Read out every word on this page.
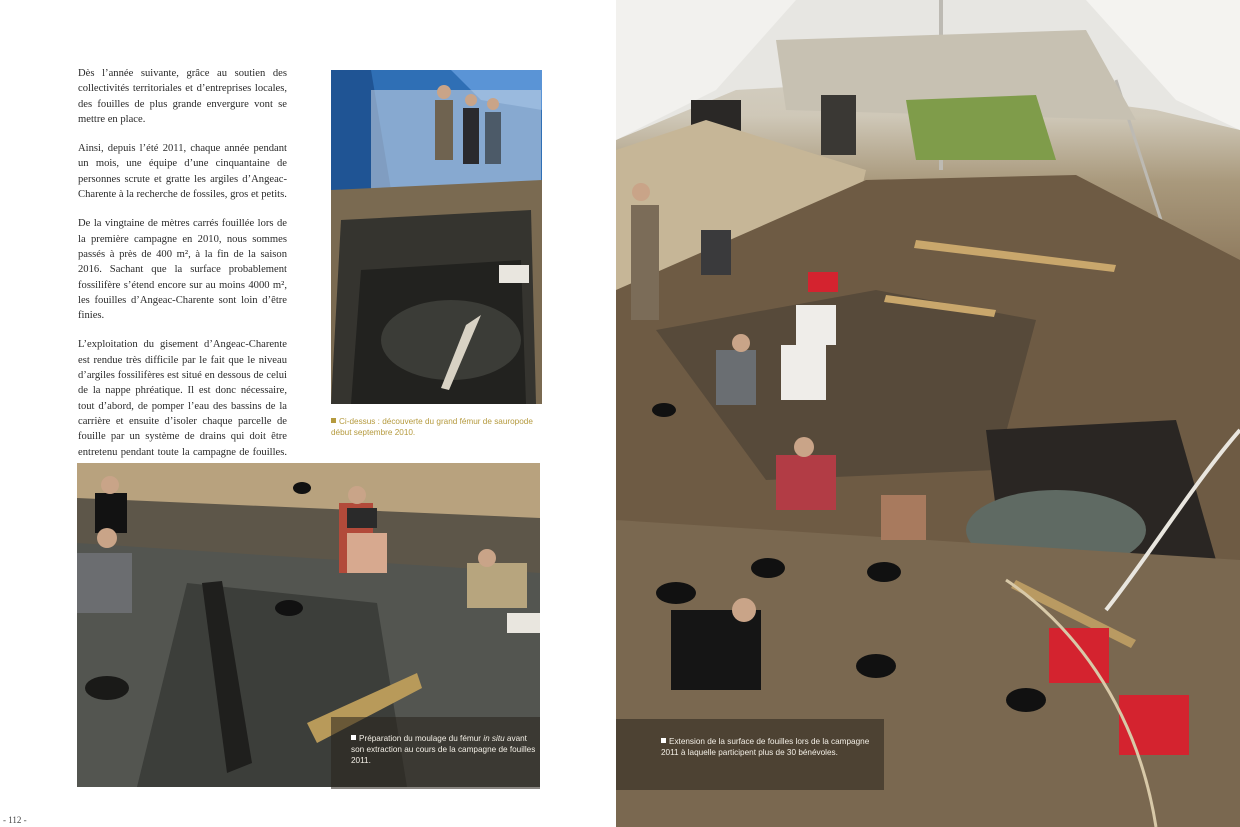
Dès l’année suivante, grâce au soutien des collectivités territoriales et d’entreprises locales, des fouilles de plus grande envergure vont se mettre en place.

Ainsi, depuis l’été 2011, chaque année pendant un mois, une équipe d’une cinquantaine de personnes scrute et gratte les argiles d’Angeac-Charente à la recherche de fossiles, gros et petits.

De la vingtaine de mètres carrés fouillée lors de la première campagne en 2010, nous sommes passés à près de 400 m², à la fin de la saison 2016. Sachant que la surface probablement fossilifère s’étend encore sur au moins 4000 m², les fouilles d’Angeac-Charente sont loin d’être finies.

L’exploitation du gisement d’Angeac-Charente est rendue très difficile par le fait que le niveau d’argiles fossilifères est situé en dessous de celui de la nappe phréatique. Il est donc nécessaire, tout d’abord, de pomper l’eau des bassins de la carrière et ensuite d’isoler chaque parcelle de fouille par un système de drains qui doit être entretenu pendant toute la campagne de fouilles.

Ci-dessus : découverte du grand fémur de sauropode début septembre 2010.
Préparation du moulage du fémur in situ avant son extraction au cours de la campagne de fouilles 2011.
- 112 -
Extension de la surface de fouilles lors de la campagne 2011 à laquelle participent plus de 30 bénévoles.
